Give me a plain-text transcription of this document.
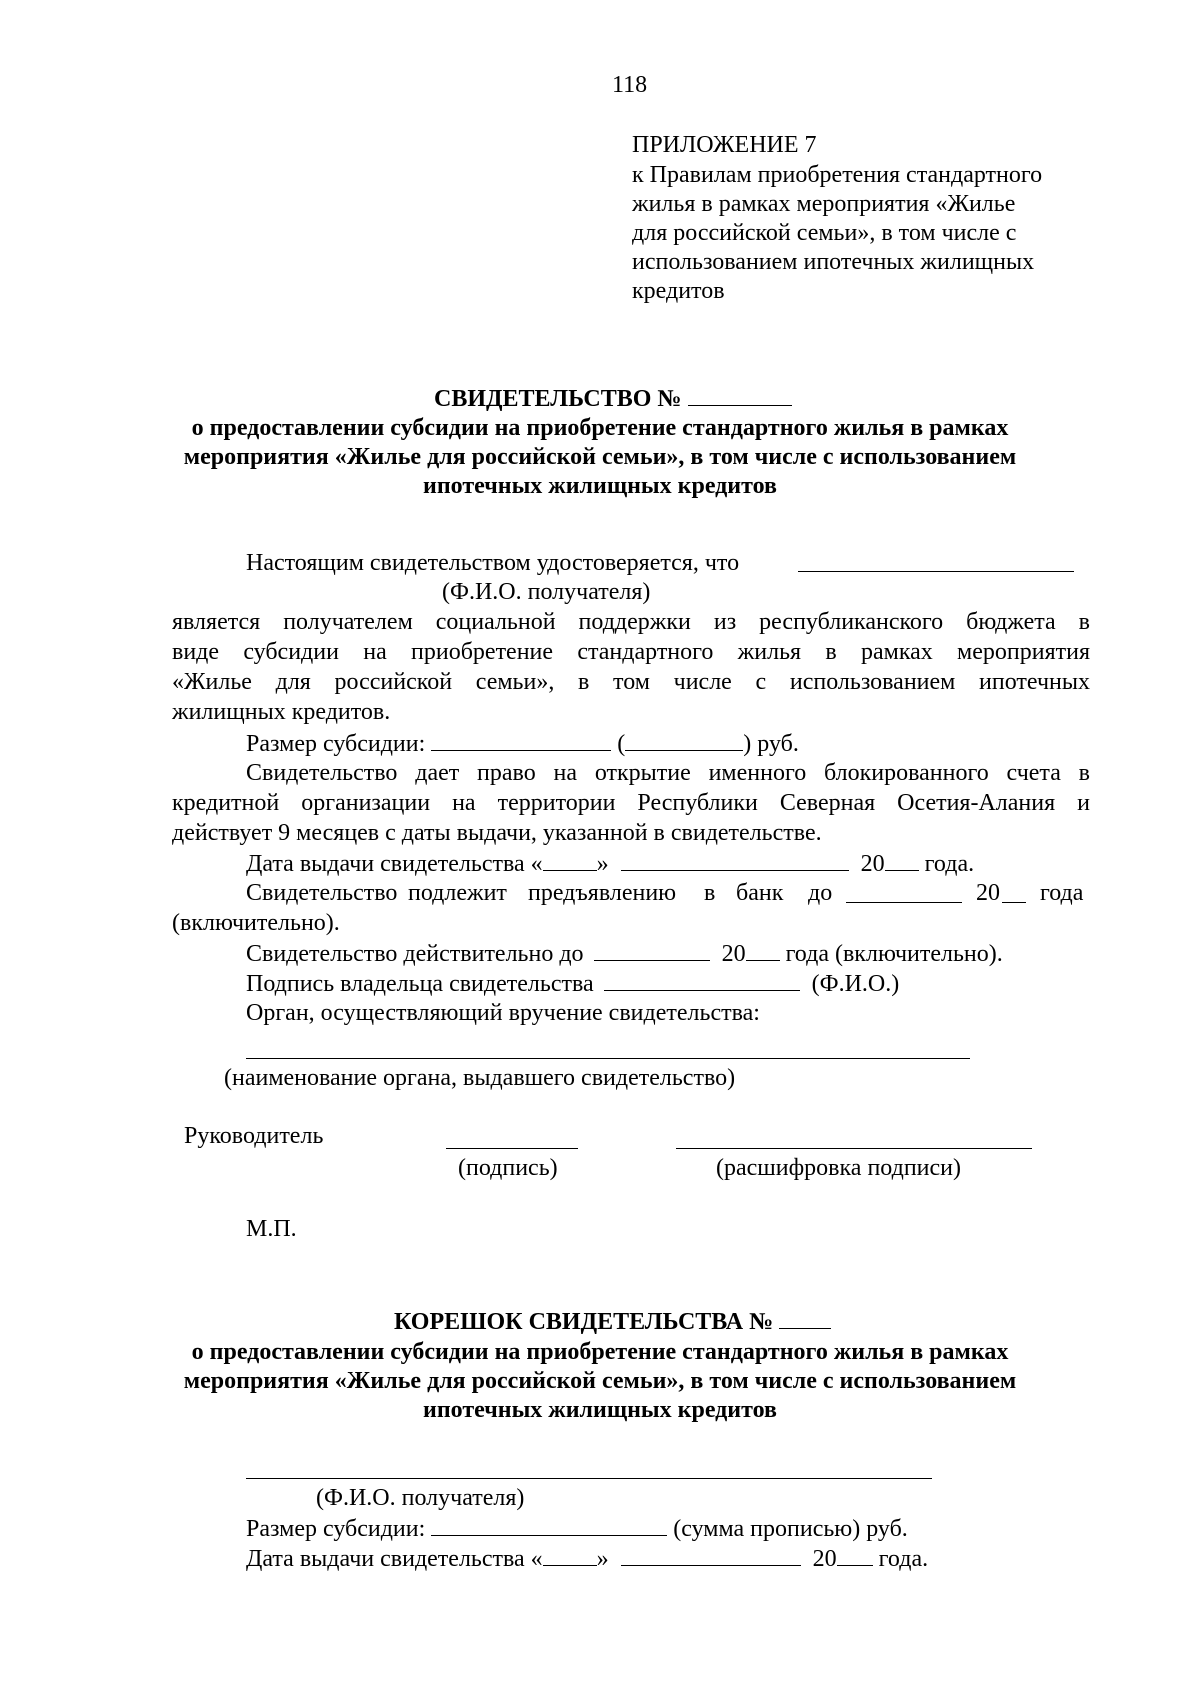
118
ПРИЛОЖЕНИЕ 7
к Правилам приобретения стандартного
жилья в рамках мероприятия «Жилье
для российской семьи», в том числе с
использованием ипотечных жилищных
кредитов
СВИДЕТЕЛЬСТВО №
о предоставлении субсидии на приобретение стандартного жилья в рамках
мероприятия «Жилье для российской семьи», в том числе с использованием
ипотечных жилищных кредитов
Настоящим свидетельством удостоверяется, что
(Ф.И.О. получателя)
является получателем социальной поддержки из республиканского бюджета в
виде субсидии на приобретение стандартного жилья в рамках мероприятия
«Жилье для российской семьи», в том числе с использованием ипотечных
жилищных кредитов.
Размер субсидии:	(	) руб.
Свидетельство дает право на открытие именного блокированного счета в
кредитной организации на территории Республики Северная Осетия-Алания и
действует 9 месяцев с даты выдачи, указанной в свидетельстве.
Дата выдачи свидетельства « »	20 года.
Свидетельство подлежит предъявлению в банк до	20 года
(включительно).
Свидетельство действительно до	20 года (включительно).
Подпись владельца свидетельства	(Ф.И.О.)
Орган, осуществляющий вручение свидетельства:
(наименование органа, выдавшего свидетельство)
Руководитель
(подпись)	(расшифровка подписи)
М.П.
КОРЕШОК СВИДЕТЕЛЬСТВА №
о предоставлении субсидии на приобретение стандартного жилья в рамках
мероприятия «Жилье для российской семьи», в том числе с использованием
ипотечных жилищных кредитов
(Ф.И.О. получателя)
Размер субсидии:	(сумма прописью) руб.
Дата выдачи свидетельства « »	20 года.
